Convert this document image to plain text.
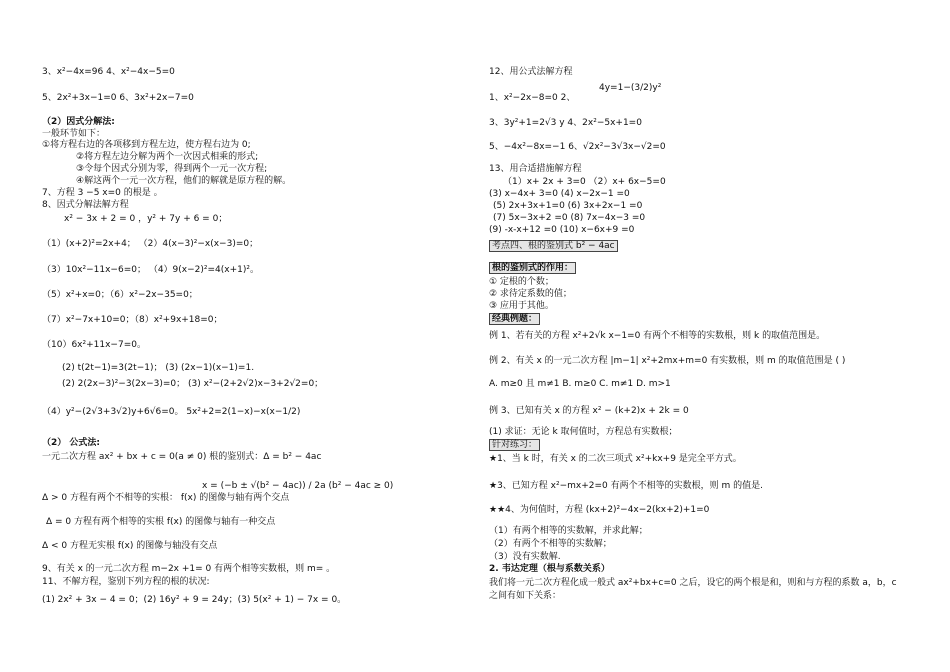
3、x²−4x=96 4、x²−4x−5=0
5、2x²+3x−1=0 6、3x²+2x−7=0
（2）因式分解法:
一般环节如下：
①将方程右边的各项移到方程左边，使方程右边为 0;
②将方程左边分解为两个一次因式相乘的形式;
③令每个因式分别为零，得到两个一元一次方程;
④解这两个一元一次方程，他们的解就是原方程的解。
7、方程 3 −5 x=0 的根是 。
8、因式分解法解方程
x² − 3x + 2 = 0 ，y² + 7y + 6 = 0；
（1）(x+2)²=2x+4； （2）4(x−3)²−x(x−3)=0；
（3）10x²−11x−6=0； （4）9(x−2)²=4(x+1)²。
（5）x²+x=0；（6）x²−2x−35=0；
（7）x²−7x+10=0；（8）x²+9x+18=0；
（10）6x²+11x−7=0。
(2) t(2t−1)=3(2t−1)； (3) (2x−1)(x−1)=1.
(2) 2(2x−3)²−3(2x−3)=0； (3) x²−(2+2√2)x−3+2√2=0；
（4）y²−(2√3+3√2)y+6√6=0。 5x²+2=2(1−x)−x(x−1/2)
（2） 公式法:
一元二次方程 ax² + bx + c = 0(a ≠ 0) 根的鉴别式：Δ = b² − 4ac
x = (−b ± √(b² − 4ac)) / 2a (b² − 4ac ≥ 0)
Δ > 0 方程有两个不相等的实根： f(x) 的图像与轴有两个交点
Δ = 0 方程有两个相等的实根 f(x) 的图像与轴有一种交点
Δ < 0 方程无实根 f(x) 的图像与轴没有交点
9、有关 x 的一元二次方程 m−2x +1= 0 有两个相等实数根，则 m= 。
11、不解方程，鉴别下列方程的根的状况:
(1) 2x² + 3x − 4 = 0；(2) 16y² + 9 = 24y；(3) 5(x² + 1) − 7x = 0。
12、用公式法解方程
4y=1−(3/2)y²
1、x²−2x−8=0 2、
3、3y²+1=2√3 y 4、2x²−5x+1=0
5、−4x²−8x=−1 6、√2x²−3√3x−√2=0
13、用合适措施解方程
（1）x+ 2x + 3=0 （2）x+ 6x−5=0
(3) x−4x+ 3=0 (4) x−2x−1 =0
(5) 2x+3x+1=0 (6) 3x+2x−1 =0
(7) 5x−3x+2 =0 (8) 7x−4x−3 =0
(9) -x-x+12 =0 (10) x−6x+9 =0
考点四、根的鉴别式 b² − 4ac
根的鉴别式的作用：
① 定根的个数；
② 求待定系数的值；
③ 应用于其他。
经典例题：
例 1、若有关的方程 x²+2√k x−1=0 有两个不相等的实数根，则 k 的取值范围是。
例 2、有关 x 的一元二次方程 |m−1| x²+2mx+m=0 有实数根，则 m 的取值范围是 ( )
A. m≥0 且 m≠1 B. m≥0 C. m≠1 D. m>1
例 3、已知有关 x 的方程 x² − (k+2)x + 2k = 0
(1) 求证：无论 k 取何值时，方程总有实数根；
针对练习：
★1、当 k 时，有关 x 的二次三项式 x²+kx+9 是完全平方式。
★3、已知方程 x²−mx+2=0 有两个不相等的实数根，则 m 的值是.
★★4、为何值时，方程 (kx+2)²−4x−2(kx+2)+1=0
（1）有两个相等的实数解，并求此解；
（2）有两个不相等的实数解；
（3）没有实数解.
2. 韦达定理（根与系数关系）
我们将一元二次方程化成一般式 ax²+bx+c=0 之后，设它的两个根是和，则和与方程的系数 a，b，c
之间有如下关系：
